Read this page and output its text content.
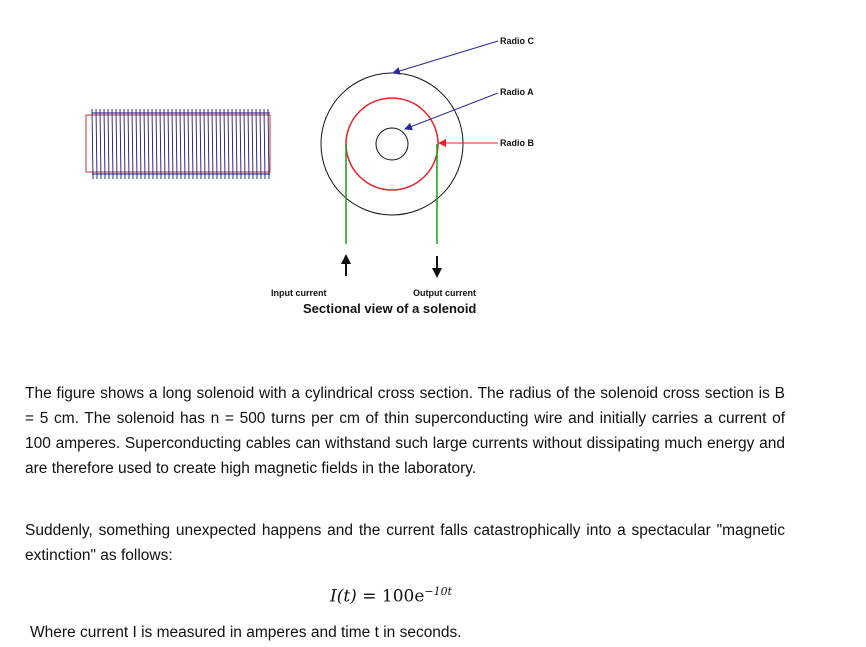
Radio C
Radio A
Radio B
Input current	Output current
Sectional view of a solenoid

The figure shows a long solenoid with a cylindrical cross section. The radius of the solenoid cross section is B = 5 cm. The solenoid has n = 500 turns per cm of thin superconducting wire and initially carries a current of 100 amperes. Superconducting cables can withstand such large currents without dissipating much energy and are therefore used to create high magnetic fields in the laboratory.

Suddenly, something unexpected happens and the current falls catastrophically into a spectacular "magnetic extinction" as follows:

$I(t) = 100e^{-10t}$

Where current I is measured in amperes and time t in seconds.
